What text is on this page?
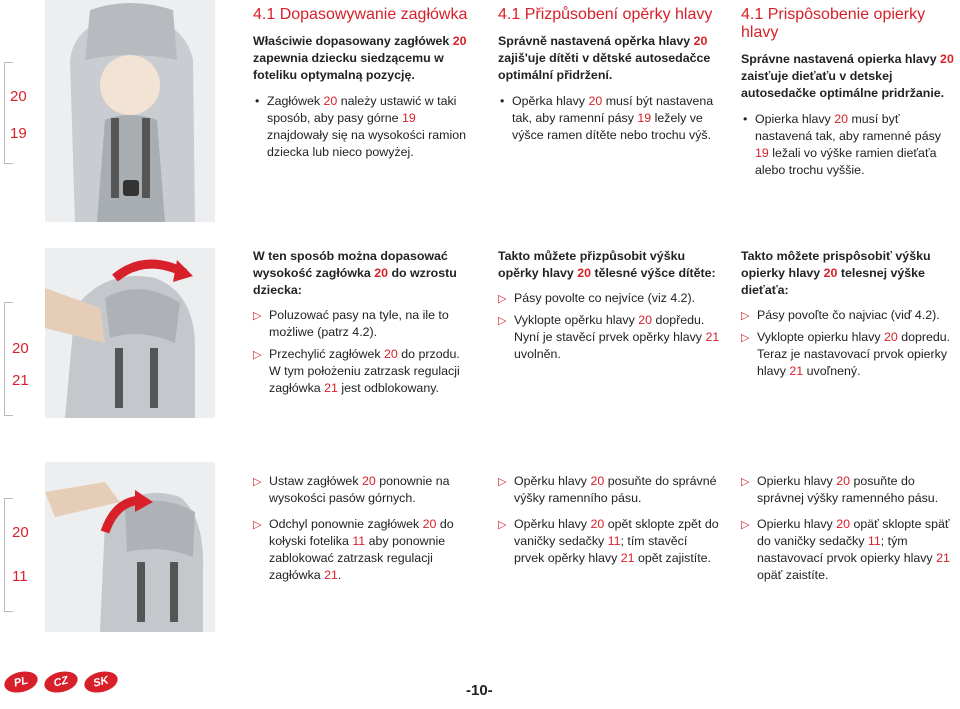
20
19
4.1 Dopasowywanie zagłówka

Właściwie dopasowany zagłówek 20 zapewnia dziecku siedzącemu w foteliku optymalną pozycję.

• Zagłówek 20 należy ustawić w taki sposób, aby pasy górne 19 znajdowały się na wysokości ramion dziecka lub nieco powyżej.

4.1 Přizpůsobení opěrky hlavy

Správně nastavená opěrka hlavy 20 zajiš'uje dítěti v dětské autosedačce optimální přidržení.

• Opěrka hlavy 20 musí být nastavena tak, aby ramenní pásy 19 ležely ve výšce ramen dítěte nebo trochu výš.

4.1 Prispôsobenie opierky hlavy

Správne nastavená opierka hlavy 20 zaisťuje dieťaťu v detskej autosedačke optimálne pridržanie.

• Opierka hlavy 20 musí byť nastavená tak, aby ramenné pásy 19 ležali vo výške ramien dieťaťa alebo trochu vyššie.

20
21

W ten sposób można dopasować wysokość zagłówka 20 do wzrostu dziecka:

▷ Poluzować pasy na tyle, na ile to możliwe (patrz 4.2).
▷ Przechylić zagłówek 20 do przodu.
W tym położeniu zatrzask regulacji zagłówka 21 jest odblokowany.

Takto můžete přizpůsobit výšku opěrky hlavy 20 tělesné výšce dítěte:

▷ Pásy povolte co nejvíce (viz 4.2).
▷ Vyklopte opěrku hlavy 20 dopředu.
Nyní je stavěcí prvek opěrky hlavy 21 uvolněn.

Takto môžete prispôsobiť výšku opierky hlavy 20 telesnej výške dieťaťa:

▷ Pásy povoľte čo najviac (viď 4.2).
▷ Vyklopte opierku hlavy 20 dopredu.
Teraz je nastavovací prvok opierky hlavy 21 uvoľnený.
20
11
▷ Ustaw zagłówek 20 ponownie na wysokości pasów górnych.
▷ Odchyl ponownie zagłówek 20 do kołyski fotelika 11 aby ponownie zablokować zatrzask regulacji zagłówka 21.
▷ Opěrku hlavy 20 posuňte do správné výšky ramenního pásu.
▷ Opěrku hlavy 20 opět sklopte zpět do vaničky sedačky 11; tím stavěcí prvek opěrky hlavy 21 opět zajistíte.
▷ Opierku hlavy 20 posuňte do správnej výšky ramenného pásu.
▷ Opierku hlavy 20 opäť sklopte späť do vaničky sedačky 11; tým nastavovací prvok opierky hlavy 21 opäť zaistíte.
PL CZ SK	-10-
